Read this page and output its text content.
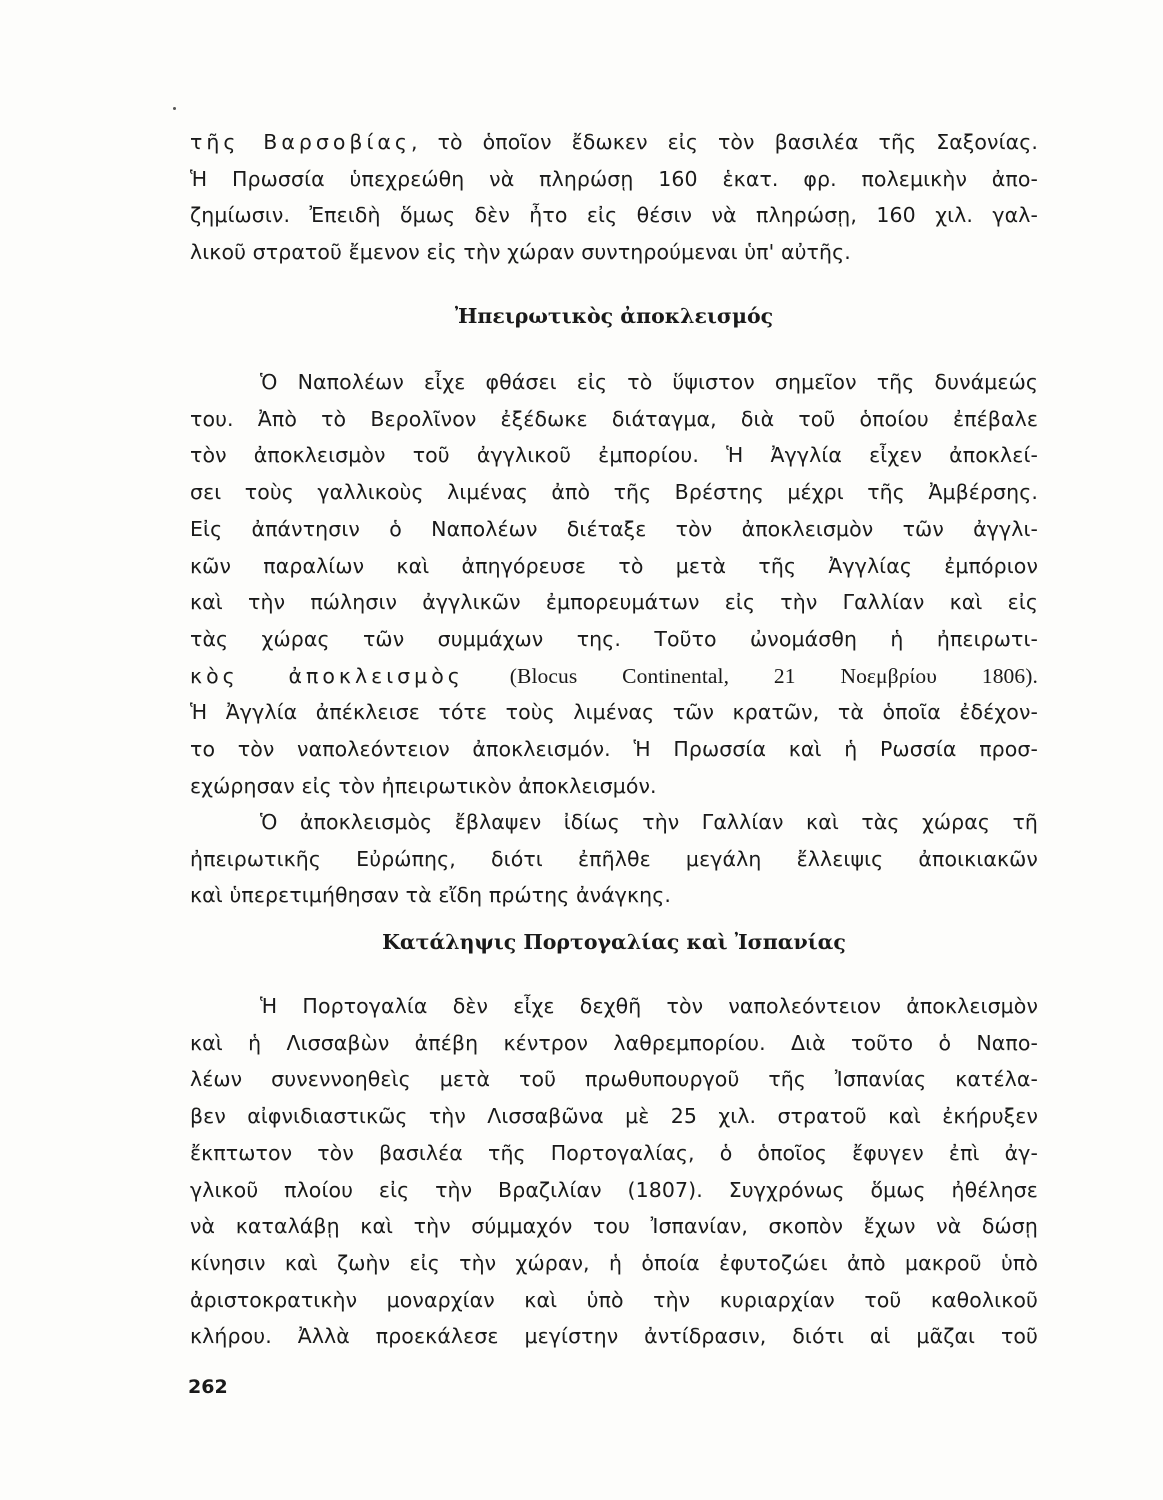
τῆς Βαρσοβίας, τὸ ὁποῖον ἔδωκεν εἰς τὸν βασιλέα τῆς Σαξονίας.
Ἡ Πρωσσία ὑπεχρεώθη νὰ πληρώσῃ 160 ἑκατ. φρ. πολεμικὴν ἀπο-
ζημίωσιν. Ἐπειδὴ ὅμως δὲν ἦτο εἰς θέσιν νὰ πληρώσῃ, 160 χιλ. γαλ-
λικοῦ στρατοῦ ἔμενον εἰς τὴν χώραν συντηρούμεναι ὑπ' αὐτῆς.
Ἠπειρωτικὸς ἀποκλεισμός
Ὁ Ναπολέων εἶχε φθάσει εἰς τὸ ὕψιστον σημεῖον τῆς δυνάμεώς
του. Ἀπὸ τὸ Βερολῖνον ἐξέδωκε διάταγμα, διὰ τοῦ ὁποίου ἐπέβαλε
τὸν ἀποκλεισμὸν τοῦ ἀγγλικοῦ ἐμπορίου. Ἡ Ἀγγλία εἶχεν ἀποκλεί-
σει τοὺς γαλλικοὺς λιμένας ἀπὸ τῆς Βρέστης μέχρι τῆς Ἀμβέρσης.
Εἰς ἀπάντησιν ὁ Ναπολέων διέταξε τὸν ἀποκλεισμὸν τῶν ἀγγλι-
κῶν παραλίων καὶ ἀπηγόρευσε τὸ μετὰ τῆς Ἀγγλίας ἐμπόριον
καὶ τὴν πώλησιν ἀγγλικῶν ἐμπορευμάτων εἰς τὴν Γαλλίαν καὶ εἰς
τὰς χώρας τῶν συμμάχων της. Τοῦτο ὠνομάσθη ἡ ἠπειρωτι-
κὸς ἀποκλεισμὸς (Blocus Continental, 21 Νοεμβρίου 1806).
Ἡ Ἀγγλία ἀπέκλεισε τότε τοὺς λιμένας τῶν κρατῶν, τὰ ὁποῖα ἐδέχον-
το τὸν ναπολεόντειον ἀποκλεισμόν. Ἡ Πρωσσία καὶ ἡ Ρωσσία προσ-
εχώρησαν εἰς τὸν ἠπειρωτικὸν ἀποκλεισμόν.
Ὁ ἀποκλεισμὸς ἔβλαψεν ἰδίως τὴν Γαλλίαν καὶ τὰς χώρας τῆ
ἠπειρωτικῆς Εὐρώπης, διότι ἐπῆλθε μεγάλη ἔλλειψις ἀποικιακῶν
καὶ ὑπερετιμήθησαν τὰ εἴδη πρώτης ἀνάγκης.
Κατάληψις Πορτογαλίας καὶ Ἰσπανίας
Ἡ Πορτογαλία δὲν εἶχε δεχθῆ τὸν ναπολεόντειον ἀποκλεισμὸν
καὶ ἡ Λισσαβὼν ἀπέβη κέντρον λαθρεμπορίου. Διὰ τοῦτο ὁ Ναπο-
λέων συνεννοηθεὶς μετὰ τοῦ πρωθυπουργοῦ τῆς Ἰσπανίας κατέλα-
βεν αἰφνιδιαστικῶς τὴν Λισσαβῶνα μὲ 25 χιλ. στρατοῦ καὶ ἐκήρυξεν
ἔκπτωτον τὸν βασιλέα τῆς Πορτογαλίας, ὁ ὁποῖος ἔφυγεν ἐπὶ ἀγ-
γλικοῦ πλοίου εἰς τὴν Βραζιλίαν (1807). Συγχρόνως ὅμως ἠθέλησε
νὰ καταλάβῃ καὶ τὴν σύμμαχόν του Ἰσπανίαν, σκοπὸν ἔχων νὰ δώσῃ
κίνησιν καὶ ζωὴν εἰς τὴν χώραν, ἡ ὁποία ἐφυτοζώει ἀπὸ μακροῦ ὑπὸ
ἀριστοκρατικὴν μοναρχίαν καὶ ὑπὸ τὴν κυριαρχίαν τοῦ καθολικοῦ
κλήρου. Ἀλλὰ προεκάλεσε μεγίστην ἀντίδρασιν, διότι αἱ μᾶζαι τοῦ
262
